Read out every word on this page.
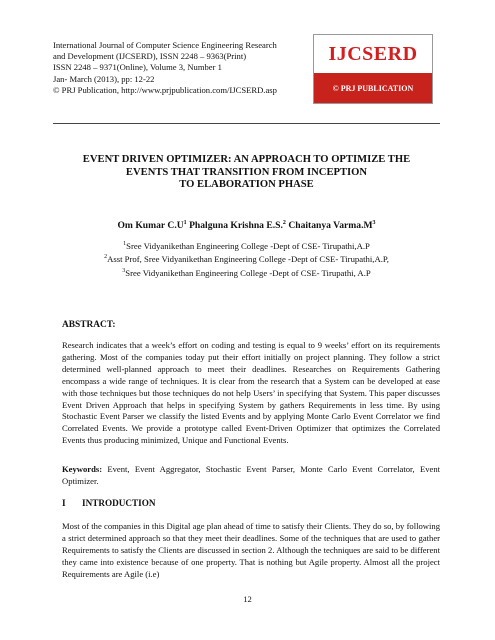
International Journal of Computer Science Engineering Research
and Development (IJCSERD), ISSN 2248 – 9363(Print)
ISSN 2248 – 9371(Online), Volume 3, Number 1
Jan- March (2013), pp: 12-22
© PRJ Publication, http://www.prjpublication.com/IJCSERD.asp
IJCSERD
© PRJ PUBLICATION
EVENT DRIVEN OPTIMIZER: AN APPROACH TO OPTIMIZE THE
EVENTS THAT TRANSITION FROM INCEPTION
TO ELABORATION PHASE
Om Kumar $C.U^1$ Phalguna Krishna E.S.$^2$ Chaitanya $Varma.M^3$
$^1$Sree Vidyanikethan Engineering College -Dept of CSE- Tirupathi,A.P
$^2$Asst Prof, Sree Vidyanikethan Engineering College -Dept of CSE- Tirupathi,A.P,
$^3$Sree Vidyanikethan Engineering College -Dept of CSE- Tirupathi, A.P
ABSTRACT:
Research indicates that a week’s effort on coding and testing is equal to 9 weeks’ effort on its requirements gathering. Most of the companies today put their effort initially on project planning. They follow a strict determined well-planned approach to meet their deadlines. Researches on Requirements Gathering encompass a wide range of techniques. It is clear from the research that a System can be developed at ease with those techniques but those techniques do not help Users’ in specifying that System. This paper discusses Event Driven Approach that helps in specifying System by gathers Requirements in less time. By using Stochastic Event Parser we classify the listed Events and by applying Monte Carlo Event Correlator we find Correlated Events. We provide a prototype called Event-Driven Optimizer that optimizes the Correlated Events thus producing minimized, Unique and Functional Events.
Keywords: Event, Event Aggregator, Stochastic Event Parser, Monte Carlo Event Correlator, Event Optimizer.
I INTRODUCTION
Most of the companies in this Digital age plan ahead of time to satisfy their Clients. They do so, by following a strict determined approach so that they meet their deadlines. Some of the techniques that are used to gather Requirements to satisfy the Clients are discussed in section 2. Although the techniques are said to be different they came into existence because of one property. That is nothing but Agile property. Almost all the project Requirements are Agile (i.e)
12
